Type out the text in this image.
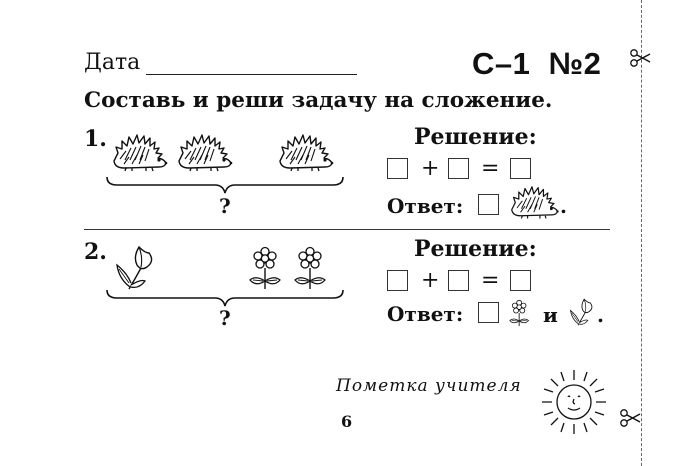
Дата	С–1  №2
Составь и реши задачу на сложение.
1.
?
Решение:
+ =
Ответ:	.
2.
?
Решение:
+ =
Ответ:	и .
Пометка учителя
6
